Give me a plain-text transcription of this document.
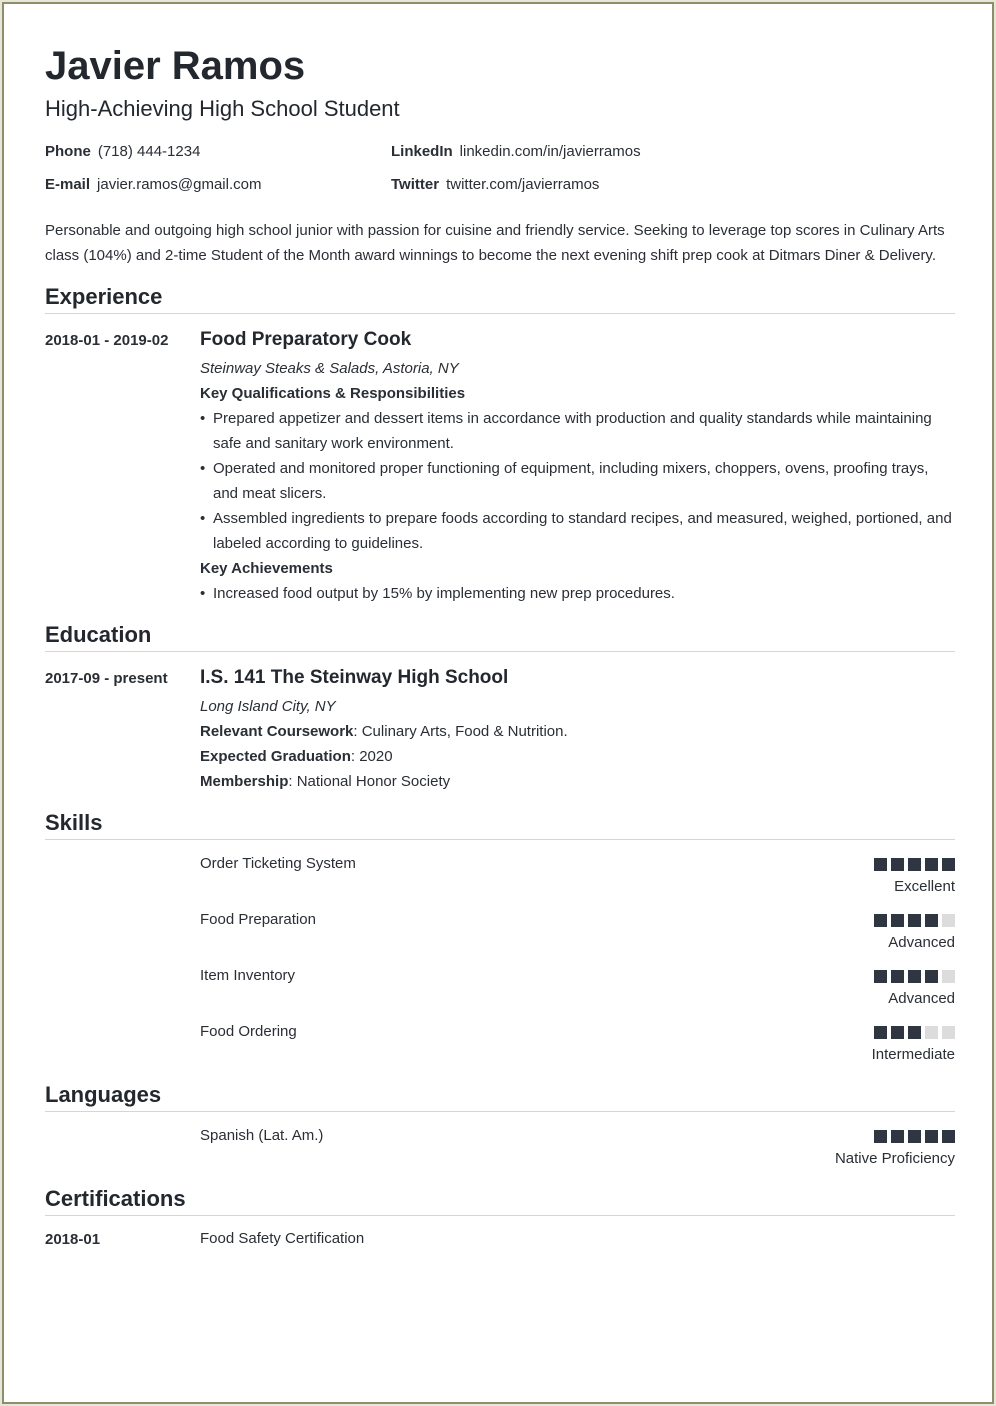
Javier Ramos
High-Achieving High School Student
Phone (718) 444-1234	LinkedIn linkedin.com/in/javierramos
E-mail javier.ramos@gmail.com	Twitter twitter.com/javierramos
Personable and outgoing high school junior with passion for cuisine and friendly service. Seeking to leverage top scores in Culinary Arts class (104%) and 2-time Student of the Month award winnings to become the next evening shift prep cook at Ditmars Diner & Delivery.
Experience
2018-01 - 2019-02 Food Preparatory Cook
Steinway Steaks & Salads, Astoria, NY
Key Qualifications & Responsibilities
• Prepared appetizer and dessert items in accordance with production and quality standards while maintaining safe and sanitary work environment.
• Operated and monitored proper functioning of equipment, including mixers, choppers, ovens, proofing trays, and meat slicers.
• Assembled ingredients to prepare foods according to standard recipes, and measured, weighed, portioned, and labeled according to guidelines.
Key Achievements
• Increased food output by 15% by implementing new prep procedures.
Education
2017-09 - present I.S. 141 The Steinway High School
Long Island City, NY
Relevant Coursework: Culinary Arts, Food & Nutrition.
Expected Graduation: 2020
Membership: National Honor Society
Skills
Order Ticketing System
Excellent
Food Preparation
Advanced
Item Inventory
Advanced
Food Ordering
Intermediate
Languages
Spanish (Lat. Am.)
Native Proficiency
Certifications
2018-01	Food Safety Certification
